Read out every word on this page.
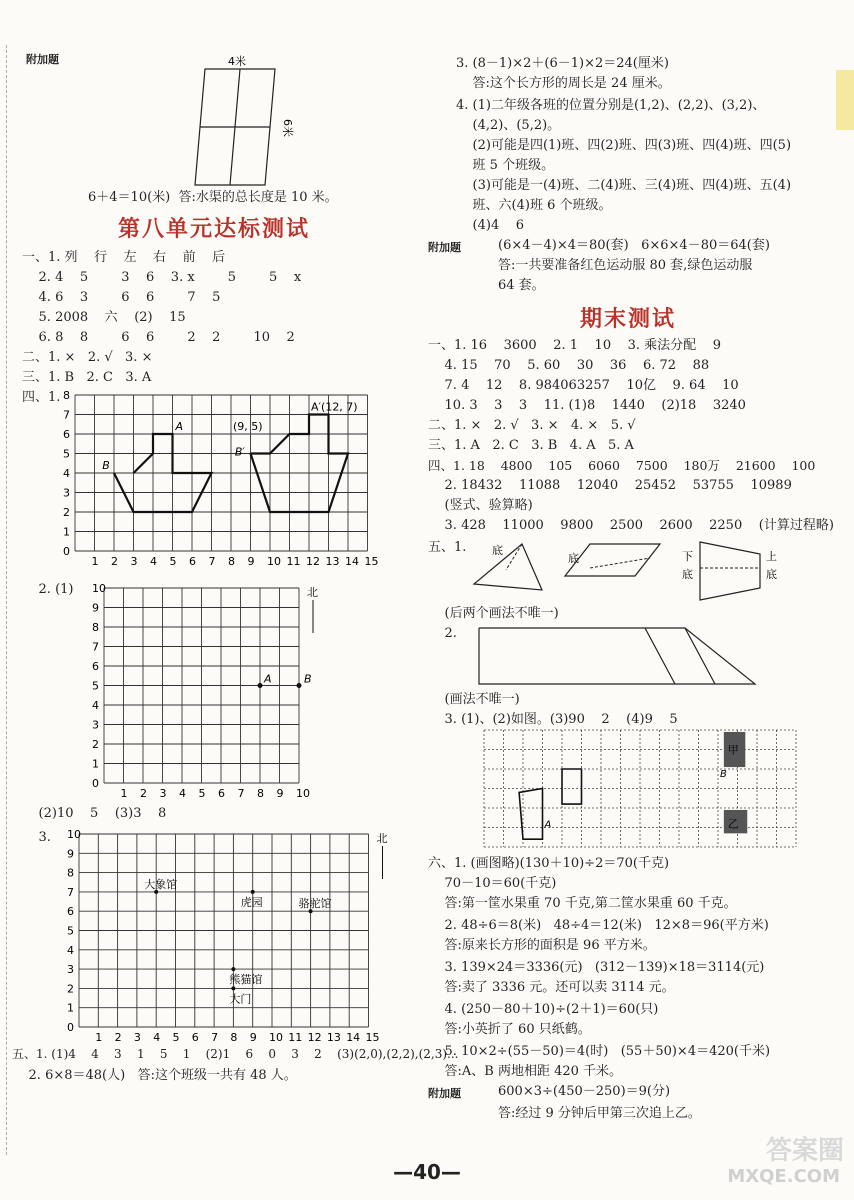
附加题	4米
6米
6＋4＝10(米)  答:水渠的总长度是 10 米。
第八单元达标测试
一、1. 列    行    左    右    前    后
2. 4    5        3    6    3. x        5        5    x
4. 6    3        6    6        7    5
5. 2008    六    (2)    15
6. 8    8        6    6        2    2        10    2
二、1. ×   2. √   3. ×
三、1. B   2. C   3. A
四、1.
1 2 3 4 5 6 7 8 9 10 11 12 13 14 15
0
1
2
3
4
5
6
7
8
A
B
A′(12, 7)
B′
(9, 5)
2. (1)
1 2 3 4 5 6 7 8 9 10
0
1
2
3
4
5
6
7
8
9
10
A	B
北
(2)10    5    (3)3    8
3.
1 2 3 4 5 6 7 8 9 10 11 12 13 14 15
0
1
2
3
4
5
6
7
8
9
10
大象馆
虎园	骆驼馆
熊猫馆
大门
北
五、1. (1)4    4    3    1    5    1    (2)1    6    0    3    2    (3)(2,0),(2,2),(2,3)...
2. 6×8＝48(人)   答:这个班级一共有 48 人。
3. (8－1)×2＋(6－1)×2＝24(厘米)
答:这个长方形的周长是 24 厘米。
4. (1)二年级各班的位置分别是(1,2)、(2,2)、(3,2)、
(4,2)、(5,2)。
(2)可能是四(1)班、四(2)班、四(3)班、四(4)班、四(5)
班 5 个班级。
(3)可能是一(4)班、二(4)班、三(4)班、四(4)班、五(4)
班、六(4)班 6 个班级。
(4)4    6
附加题	(6×4－4)×4＝80(套)   6×6×4－80＝64(套)
答:一共要准备红色运动服 80 套,绿色运动服
64 套。
期末测试
一、1. 16    3600    2. 1    10    3. 乘法分配    9
4. 15    70    5. 60    30    36    6. 72    88
7. 4    12    8. 984063257    10亿    9. 64    10
10. 3    3    3    11. (1)8    1440    (2)18    3240
二、1. ×   2. √   3. ×   4. ×   5. √
三、1. A   2. C   3. B   4. A   5. A
四、1. 18    4800    105    6060    7500    180万    21600    100
2. 18432    11088    12040    25452    53755    10989
(竖式、验算略)
3. 428    11000    9800    2500    2600    2250    (计算过程略)
五、1. 底
底	下
底
上
底
(后两个画法不唯一)
2.
(画法不唯一)
3. (1)、(2)如图。(3)90    2    (4)9    5
甲
乙
A
B
六、1. (画图略)(130＋10)÷2＝70(千克)
70－10＝60(千克)
答:第一筐水果重 70 千克,第二筐水果重 60 千克。
2. 48÷6＝8(米)   48÷4＝12(米)   12×8＝96(平方米)
答:原来长方形的面积是 96 平方米。
3. 139×24＝3336(元)   (312－139)×18＝3114(元)
答:卖了 3336 元。还可以卖 3114 元。
4. (250－80＋10)÷(2＋1)＝60(只)
答:小英折了 60 只纸鹤。
5. 10×2÷(55－50)＝4(时)   (55＋50)×4＝420(千米)
答:A、B 两地相距 420 千米。
附加题	600×3÷(450－250)＝9(分)
答:经过 9 分钟后甲第三次追上乙。
—40—
答案圈
MXQE.COM
